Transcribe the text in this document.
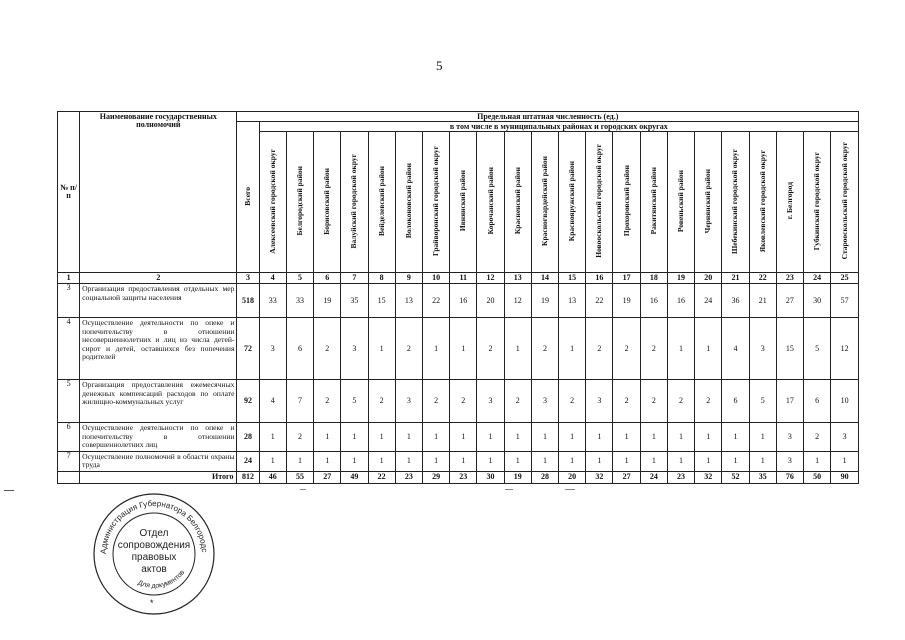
5
№ п/п	Наименование государственных полномочий	Предельная штатная численность (ед.)																						
		Всего	в том числе в муниципальных районах и городских округах																					
			Алексеевский городской округ	Белгородский район	Борисовский район	Валуйский городской округ	Вейделевский район	Волоконовский район	Грайворонский городской округ	Ивнянский район	Корочанский район	Красненский район	Красногвардейский район	Краснояружский район	Новооскольский городской округ	Прохоровский район	Ракитянский район	Ровеньский район	Чернянский район	Шебекинский городской округ	Яковлевский городской округ	г. Белгород	Губкинский городской округ	Старооскольский городской округ
1	2	3	4	5	6	7	8	9	10	11	12	13	14	15	16	17	18	19	20	21	22	23	24	25
3	Организация предоставления отдельных мер социальной защиты населения	518	33	33	19	35	15	13	22	16	20	12	19	13	22	19	16	16	24	36	21	27	30	57
4	Осуществление деятельности по опеке и попечительству в отношении несовершеннолетних и лиц из числа детей-сирот и детей, оставшихся без попечения родителей	72	3	6	2	3	1	2	1	1	2	1	2	1	2	2	2	1	1	4	3	15	5	12
5	Организация предоставления ежемесячных денежных компенсаций расходов по оплате жилищно-коммунальных услуг	92	4	7	2	5	2	3	2	2	3	2	3	2	3	2	2	2	2	6	5	17	6	10
6	Осуществление деятельности по опеке и попечительству в отношении совершеннолетних лиц	28	1	2	1	1	1	1	1	1	1	1	1	1	1	1	1	1	1	1	1	3	2	3
7	Осуществление полномочий в области охраны труда	24	1	1	1	1	1	1	1	1	1	1	1	1	1	1	1	1	1	1	1	3	1	1
	Итого	812	46	55	27	49	22	23	29	23	30	19	28	20	32	27	24	23	32	52	35	76	50	90
Администрация Губернатора Белгородс
Для документов
Отдел
сопровождения
правовых
актов
*
